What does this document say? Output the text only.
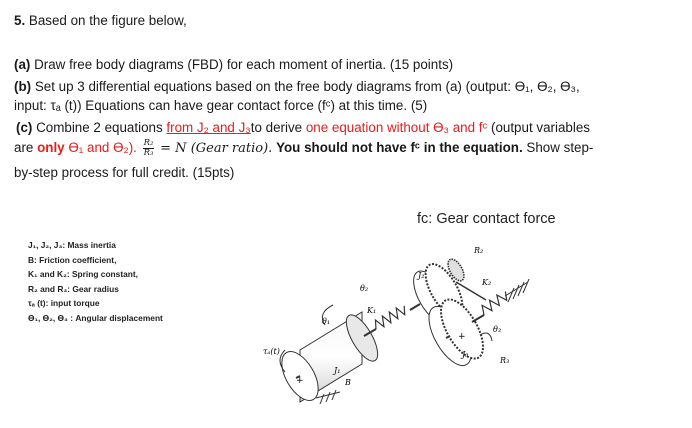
5. Based on the figure below,
(a) Draw free body diagrams (FBD) for each moment of inertia. (15 points)
(b) Set up 3 differential equations based on the free body diagrams from (a) (output: ϴ₁, ϴ₂, ϴ₃,
input: τₐ (t)) Equations can have gear contact force (fᶜ) at this time. (5)
(c) Combine 2 equations from J₂ and J₃to derive one equation without ϴ₃ and fᶜ (output variables
are only ϴ₁ and ϴ₂). $\frac{\text{R₂}}{\text{R₃}} = N$ (Gear ratio). You should not have fᶜ in the equation. Show step-
by-step process for full credit. (15pts)
fc: Gear contact force
J₁, J₂, J₃: Mass inertia
B: Friction coefficient,
K₁ and K₂: Spring constant,
R₂ and R₃: Gear radius
τₐ (t): input torque
ϴ₁, ϴ₂, ϴ₃ : Angular displacement
τₐ(t)
+
θ₁
J₁
B
K₁
θ₂
J₂
R₂
K₂
+
J₃
θ₃
R₃
